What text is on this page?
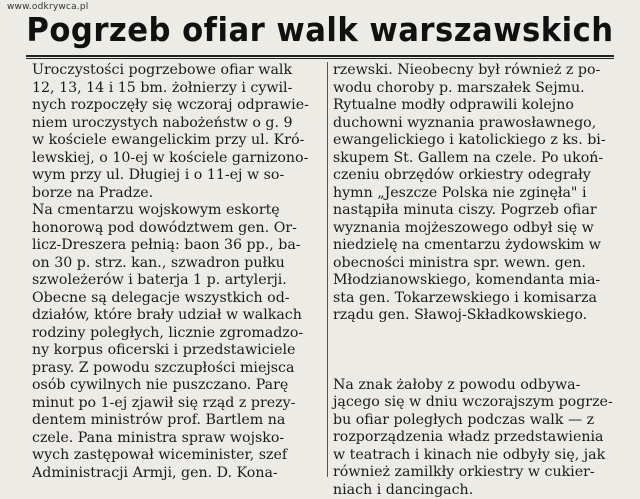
www.odkrywca.pl
Pogrzeb ofiar walk warszawskich
Uroczystości pogrzebowe ofiar walk
12, 13, 14 i 15 bm. żołnierzy i cywil-
nych rozpoczęły się wczoraj odprawie-
niem uroczystych nabożeństw o g. 9
w kościele ewangelickim przy ul. Kró-
lewskiej, o 10-ej w kościele garnizono-
wym przy ul. Długiej i o 11-ej w so-
borze na Pradze.
Na cmentarzu wojskowym eskortę
honorową pod dowództwem gen. Or-
licz-Dreszera pełnią: baon 36 pp., ba-
on 30 p. strz. kan., szwadron pułku
szwoleżerów i baterja 1 p. artylerji.
Obecne są delegacje wszystkich od-
działów, które brały udział w walkach
rodziny poległych, licznie zgromadzo-
ny korpus oficerski i przedstawiciele
prasy. Z powodu szczupłości miejsca
osób cywilnych nie puszczano. Parę
minut po 1-ej zjawił się rząd z prezy-
dentem ministrów prof. Bartlem na
czele. Pana ministra spraw wojsko-
wych zastępował wiceminister, szef
Administracji Armji, gen. D. Kona-
rzewski. Nieobecny był również z po-
wodu choroby p. marszałek Sejmu.
Rytualne modły odprawili kolejno
duchowni wyznania prawosławnego,
ewangelickiego i katolickiego z ks. bi-
skupem St. Gallem na czele. Po ukoń-
czeniu obrzędów orkiestry odegrały
hymn „Jeszcze Polska nie zginęła" i
nastąpiła minuta ciszy. Pogrzeb ofiar
wyznania mojżeszowego odbył się w
niedzielę na cmentarzu żydowskim w
obecności ministra spr. wewn. gen.
Młodzianowskiego, komendanta mia-
sta gen. Tokarzewskiego i komisarza
rządu gen. Sławoj-Składkowskiego.
Na znak żałoby z powodu odbywa-
jącego się w dniu wczorajszym pogrze-
bu ofiar poległych podczas walk — z
rozporządzenia władz przedstawienia
w teatrach i kinach nie odbyły się, jak
również zamilkły orkiestry w cukier-
niach i dancingach.
